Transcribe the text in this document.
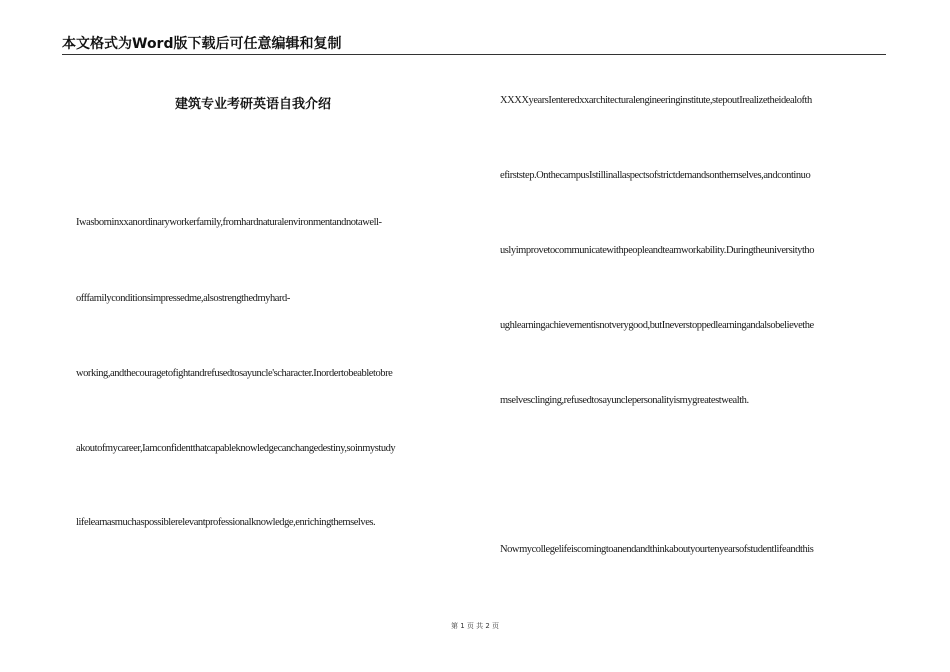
本文格式为Word版下载后可任意编辑和复制
建筑专业考研英语自我介绍
Iwasborninxxanordinaryworkerfamily,fromhardnaturalenvironmentandnotawell-
offfamilyconditionsimpressedme,alsostrengthedmyhard-
working,andthecouragetofightandrefusedtosayuncle'scharacter.Inordertobeabletobre
akoutofmycareer,Iamconfidentthatcapableknowledgecanchangedestiny,soinmystudy
lifelearnasmuchaspossiblerelevantprofessionalknowledge,enrichingthemselves.
XXXXyearsIenteredxxarchitecturalengineeringinstitute,stepoutIrealizetheidealofth
efirststep.OnthecampusIstillinallaspectsofstrictdemandsonthemselves,andcontinuo
uslyimprovetocommunicatewithpeopleandteamworkability.Duringtheuniversitytho
ughlearningachievementisnotverygood,butIneverstoppedlearningandalsobelievethe
mselvesclinging,refusedtosayunclepersonalityismygreatestwealth.
Nowmycollegelifeiscomingtoanendandthinkaboutyourtenyearsofstudentlifeandthis
第 1 页 共 2 页
